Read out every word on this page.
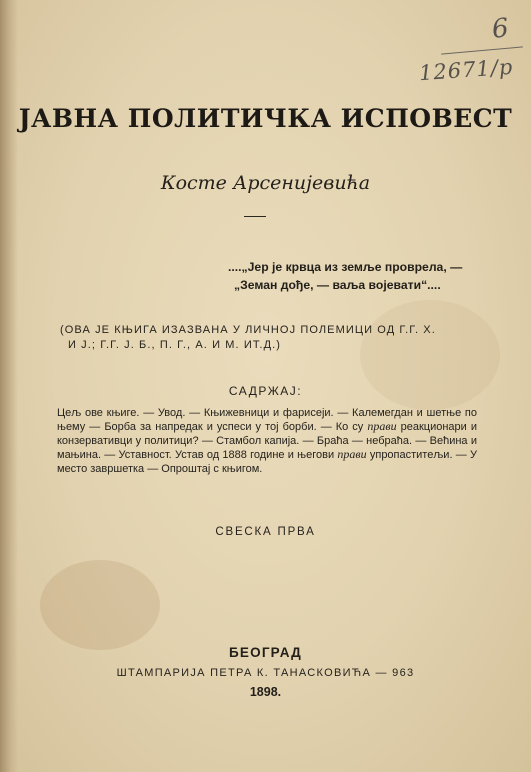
6
12671/p
ЈАВНА ПОЛИТИЧКА ИСПОВЕСТ
Косте Арсенијевића
....„Јер је крвца из земље проврела, —
„Земан дође, — ваља војевати“....
(ОВА ЈЕ КЊИГА ИЗАЗВАНА У ЛИЧНОЈ ПОЛЕМИЦИ ОД Г.Г. Х.
И Ј.; Г.Г. Ј. Б., П. Г., А. И М. ИТ.Д.)
САДРЖАЈ:
Цељ ове књиге. — Увод. — Књижевници и фарисеји. — Калемегдан и шетње по њему — Борба за напредак и успеси у тој борби. — Ко су прави реакционари и конзервативци у политици? — Стамбол капија. — Браћа — небраћа. — Већина и мањина. — Уставност. Устав од 1888 године и његови прави упропаститељи. — У место завршетка — Опроштај с књигом.
СВЕСКА ПРВА
БЕОГРАД
ШТАМПАРИЈА ПЕТРА К. ТАНАСКОВИЋА — 963
1898.
